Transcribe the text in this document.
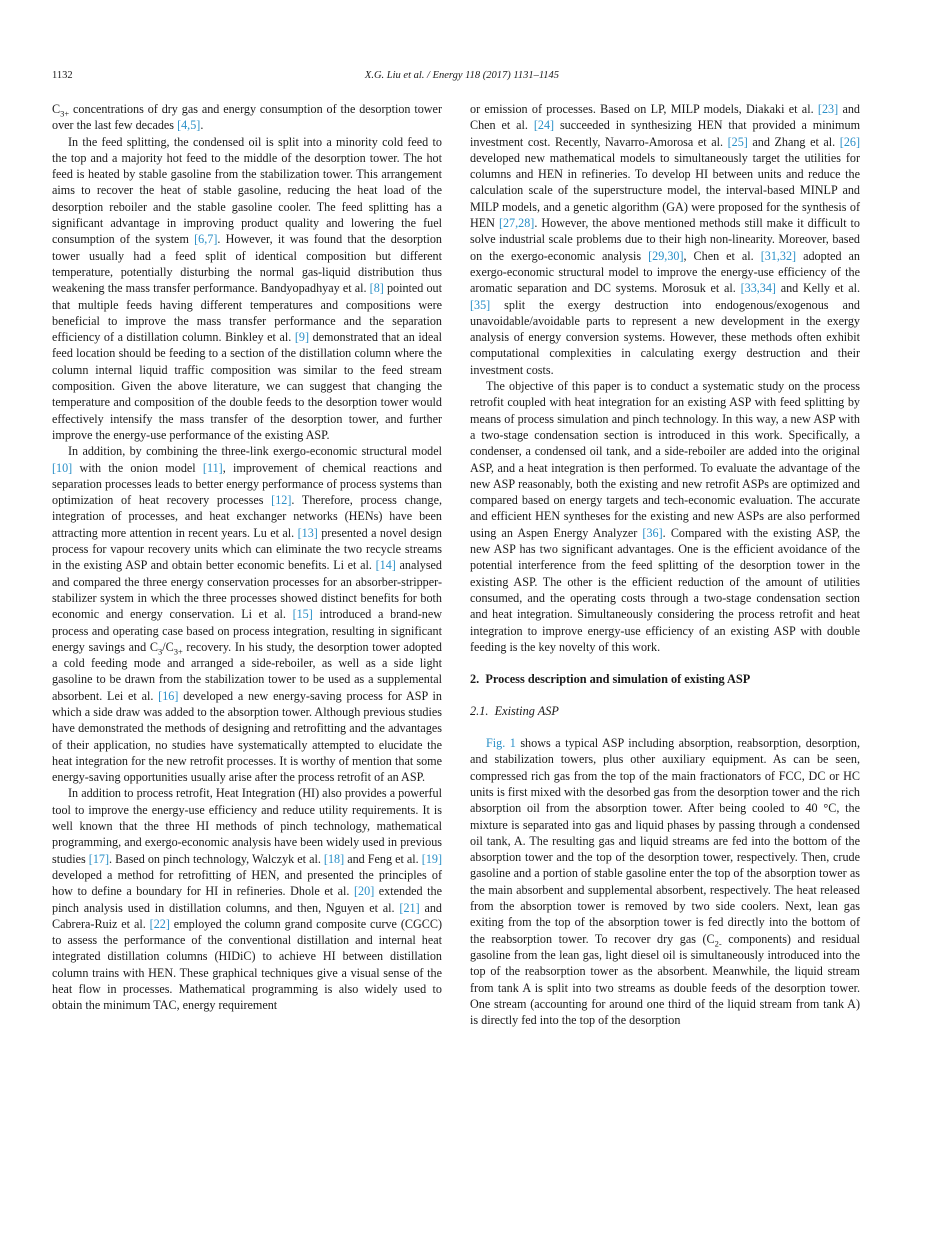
1132	X.G. Liu et al. / Energy 118 (2017) 1131–1145

$C_{3+}$ concentrations of dry gas and energy consumption of the desorption tower over the last few decades [4,5].

In the feed splitting, the condensed oil is split into a minority cold feed to the top and a majority hot feed to the middle of the desorption tower. The hot feed is heated by stable gasoline from the stabilization tower. This arrangement aims to recover the heat of stable gasoline, reducing the heat load of the desorption reboiler and the stable gasoline cooler. The feed splitting has a significant advantage in improving product quality and lowering the fuel consumption of the system [6,7]. However, it was found that the desorption tower usually had a feed split of identical composition but different temperature, potentially disturbing the normal gas-liquid distribution thus weakening the mass transfer performance. Bandyopadhyay et al. [8] pointed out that multiple feeds having different temperatures and compositions were beneficial to improve the mass transfer performance and the separation efficiency of a distillation column. Binkley et al. [9] demonstrated that an ideal feed location should be feeding to a section of the distillation column where the column internal liquid traffic composition was similar to the feed stream composition. Given the above literature, we can suggest that changing the temperature and composition of the double feeds to the desorption tower would effectively intensify the mass transfer of the desorption tower, and further improve the energy-use performance of the existing ASP.

In addition, by combining the three-link exergo-economic structural model [10] with the onion model [11], improvement of chemical reactions and separation processes leads to better energy performance of process systems than optimization of heat recovery processes [12]. Therefore, process change, integration of processes, and heat exchanger networks (HENs) have been attracting more attention in recent years. Lu et al. [13] presented a novel design process for vapour recovery units which can eliminate the two recycle streams in the existing ASP and obtain better economic benefits. Li et al. [14] analysed and compared the three energy conservation processes for an absorber-stripper-stabilizer system in which the three processes showed distinct benefits for both economic and energy conservation. Li et al. [15] introduced a brand-new process and operating case based on process integration, resulting in significant energy savings and $C_3/C_{3+}$ recovery. In his study, the desorption tower adopted a cold feeding mode and arranged a side-reboiler, as well as a side light gasoline to be drawn from the stabilization tower to be used as a supplemental absorbent. Lei et al. [16] developed a new energy-saving process for ASP in which a side draw was added to the absorption tower. Although previous studies have demonstrated the methods of designing and retrofitting and the advantages of their application, no studies have systematically attempted to elucidate the heat integration for the new retrofit processes. It is worthy of mention that some energy-saving opportunities usually arise after the process retrofit of an ASP.

In addition to process retrofit, Heat Integration (HI) also provides a powerful tool to improve the energy-use efficiency and reduce utility requirements. It is well known that the three HI methods of pinch technology, mathematical programming, and exergo-economic analysis have been widely used in previous studies [17]. Based on pinch technology, Walczyk et al. [18] and Feng et al. [19] developed a method for retrofitting of HEN, and presented the principles of how to define a boundary for HI in refineries. Dhole et al. [20] extended the pinch analysis used in distillation columns, and then, Nguyen et al. [21] and Cabrera-Ruiz et al. [22] employed the column grand composite curve (CGCC) to assess the performance of the conventional distillation and internal heat integrated distillation columns (HIDiC) to achieve HI between distillation column trains with HEN. These graphical techniques give a visual sense of the heat flow in processes. Mathematical programming is also widely used to obtain the minimum TAC, energy requirement

or emission of processes. Based on LP, MILP models, Diakaki et al. [23] and Chen et al. [24] succeeded in synthesizing HEN that provided a minimum investment cost. Recently, Navarro-Amorosa et al. [25] and Zhang et al. [26] developed new mathematical models to simultaneously target the utilities for columns and HEN in refineries. To develop HI between units and reduce the calculation scale of the superstructure model, the interval-based MINLP and MILP models, and a genetic algorithm (GA) were proposed for the synthesis of HEN [27,28]. However, the above mentioned methods still make it difficult to solve industrial scale problems due to their high non-linearity. Moreover, based on the exergo-economic analysis [29,30], Chen et al. [31,32] adopted an exergo-economic structural model to improve the energy-use efficiency of the aromatic separation and DC systems. Morosuk et al. [33,34] and Kelly et al. [35] split the exergy destruction into endogenous/exogenous and unavoidable/avoidable parts to represent a new development in the exergy analysis of energy conversion systems. However, these methods often exhibit computational complexities in calculating exergy destruction and their investment costs.

The objective of this paper is to conduct a systematic study on the process retrofit coupled with heat integration for an existing ASP with feed splitting by means of process simulation and pinch technology. In this way, a new ASP with a two-stage condensation section is introduced in this work. Specifically, a condenser, a condensed oil tank, and a side-reboiler are added into the original ASP, and a heat integration is then performed. To evaluate the advantage of the new ASP reasonably, both the existing and new retrofit ASPs are optimized and compared based on energy targets and tech-economic evaluation. The accurate and efficient HEN syntheses for the existing and new ASPs are also performed using an Aspen Energy Analyzer [36]. Compared with the existing ASP, the new ASP has two significant advantages. One is the efficient avoidance of the potential interference from the feed splitting of the desorption tower in the existing ASP. The other is the efficient reduction of the amount of utilities consumed, and the operating costs through a two-stage condensation section and heat integration. Simultaneously considering the process retrofit and heat integration to improve energy-use efficiency of an existing ASP with double feeding is the key novelty of this work.

2. Process description and simulation of existing ASP
2.1. Existing ASP

Fig. 1 shows a typical ASP including absorption, reabsorption, desorption, and stabilization towers, plus other auxiliary equipment. As can be seen, compressed rich gas from the top of the main fractionators of FCC, DC or HC units is first mixed with the desorbed gas from the desorption tower and the rich absorption oil from the absorption tower. After being cooled to 40 °C, the mixture is separated into gas and liquid phases by passing through a condensed oil tank, A. The resulting gas and liquid streams are fed into the bottom of the absorption tower and the top of the desorption tower, respectively. Then, crude gasoline and a portion of stable gasoline enter the top of the absorption tower as the main absorbent and supplemental absorbent, respectively. The heat released from the absorption tower is removed by two side coolers. Next, lean gas exiting from the top of the absorption tower is fed directly into the bottom of the reabsorption tower. To recover dry gas ($C_{2-}$ components) and residual gasoline from the lean gas, light diesel oil is simultaneously introduced into the top of the reabsorption tower as the absorbent. Meanwhile, the liquid stream from tank A is split into two streams as double feeds of the desorption tower. One stream (accounting for around one third of the liquid stream from tank A) is directly fed into the top of the desorption
